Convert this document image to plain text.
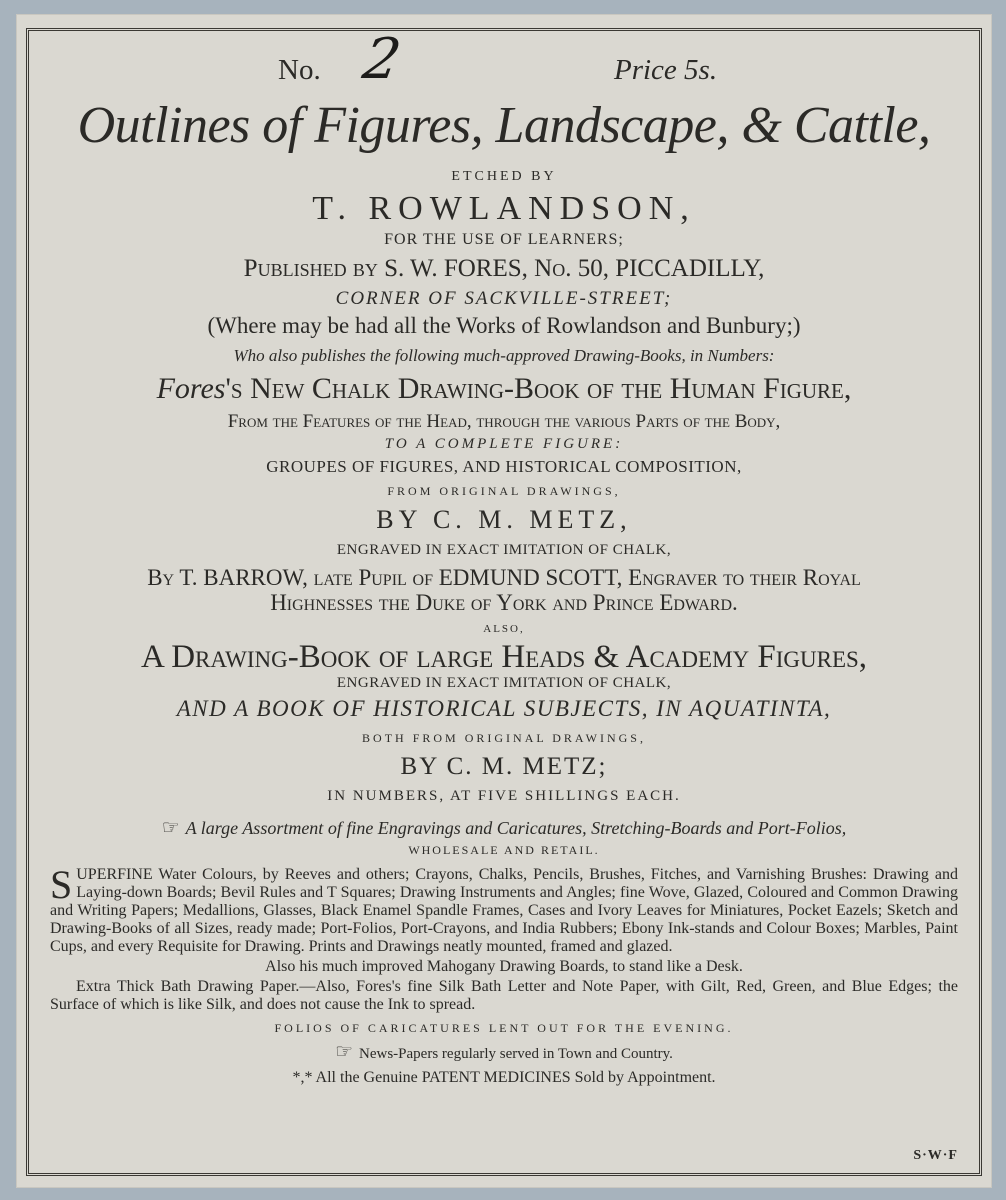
No. 2	Price 5s.
Outlines of Figures, Landscape, & Cattle,
ETCHED BY
T. ROWLANDSON,
FOR THE USE OF LEARNERS;
Published by S. W. FORES, No. 50, PICCADILLY,
CORNER OF SACKVILLE-STREET;
(Where may be had all the Works of Rowlandson and Bunbury;)
Who also publishes the following much-approved Drawing-Books, in Numbers:
Fores's New Chalk Drawing-Book of the Human Figure,
From the Features of the Head, through the various Parts of the Body,
TO A COMPLETE FIGURE:
GROUPES OF FIGURES, AND HISTORICAL COMPOSITION,
FROM ORIGINAL DRAWINGS,
BY C. M. METZ,
ENGRAVED IN EXACT IMITATION OF CHALK,
By T. BARROW, late Pupil of EDMUND SCOTT, Engraver to their Royal
Highnesses the Duke of York and Prince Edward.
ALSO,
A Drawing-Book of large Heads & Academy Figures,
ENGRAVED IN EXACT IMITATION OF CHALK,
AND A BOOK OF HISTORICAL SUBJECTS, IN AQUATINTA,
BOTH FROM ORIGINAL DRAWINGS,
BY C. M. METZ;
IN NUMBERS, AT FIVE SHILLINGS EACH.
☞ A large Assortment of fine Engravings and Caricatures, Stretching-Boards and Port-Folios,
WHOLESALE AND RETAIL.
SUPERFINE Water Colours, by Reeves and others; Crayons, Chalks, Pencils, Brushes, Fitches, and Varnishing Brushes: Drawing and Laying-down Boards; Bevil Rules and T Squares; Drawing Instruments and Angles; fine Wove, Glazed, Coloured and Common Drawing and Writing Papers; Medallions, Glasses, Black Enamel Spandle Frames, Cases and Ivory Leaves for Miniatures, Pocket Eazels; Sketch and Drawing-Books of all Sizes, ready made; Port-Folios, Port-Crayons, and India Rubbers; Ebony Ink-stands and Colour Boxes; Marbles, Paint Cups, and every Requisite for Drawing. Prints and Drawings neatly mounted, framed and glazed.
Also his much improved Mahogany Drawing Boards, to stand like a Desk.
Extra Thick Bath Drawing Paper.—Also, Fores's fine Silk Bath Letter and Note Paper, with Gilt, Red, Green, and Blue Edges; the Surface of which is like Silk, and does not cause the Ink to spread.
FOLIOS OF CARICATURES LENT OUT FOR THE EVENING.
☞ News-Papers regularly served in Town and Country.
*,* All the Genuine PATENT MEDICINES Sold by Appointment.
S·W·F
